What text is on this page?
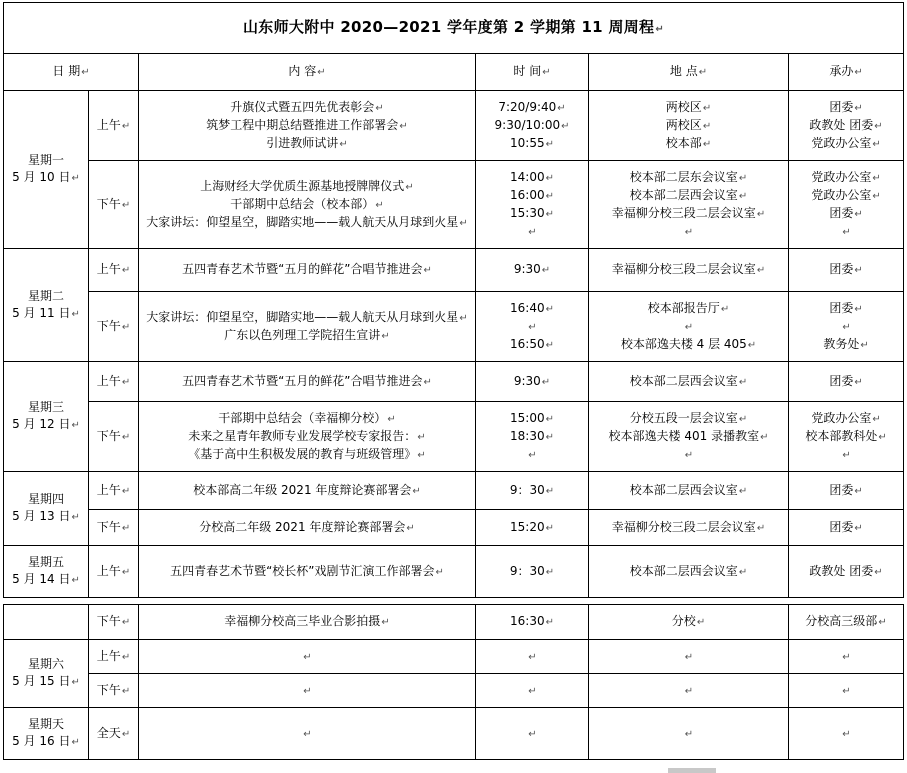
山东师大附中 2020—2021 学年度第 2 学期第 11 周周程 ↵
日 期 ↵		内 容 ↵	时 间 ↵	地 点 ↵	承办 ↵

星期一
5 月 10 日 ↵	上午 ↵	升旗仪式暨五四先优表彰会 ↵
筑梦工程中期总结暨推进工作部署会 ↵
引进教师试讲 ↵	7:20/9:40 ↵
9:30/10:00 ↵
10:55 ↵	两校区 ↵
两校区 ↵
校本部 ↵	团委 ↵
政教处 团委 ↵
党政办公室 ↵

	下午 ↵	上海财经大学优质生源基地授牌牌仪式 ↵
干部期中总结会（校本部） ↵
大家讲坛：仰望星空，脚踏实地——载人航天从月球到火星 ↵	14:00 ↵
16:00 ↵
15:30 ↵
↵	校本部二层东会议室 ↵
校本部二层西会议室 ↵
幸福柳分校三段二层会议室 ↵
↵	党政办公室 ↵
党政办公室 ↵
团委 ↵
↵

星期二
5 月 11 日 ↵	上午 ↵	五四青春艺术节暨“五月的鲜花”合唱节推进会 ↵	9:30 ↵	幸福柳分校三段二层会议室 ↵	团委 ↵
	下午 ↵	大家讲坛：仰望星空，脚踏实地——载人航天从月球到火星 ↵
广东以色列理工学院招生宣讲 ↵	16:40 ↵
↵
16:50 ↵	校本部报告厅 ↵
↵
校本部逸夫楼 4 层 405 ↵	团委 ↵
↵
教务处 ↵

星期三
5 月 12 日 ↵	上午 ↵	五四青春艺术节暨“五月的鲜花”合唱节推进会 ↵	9:30 ↵	校本部二层西会议室 ↵	团委 ↵
	下午 ↵	干部期中总结会（幸福柳分校） ↵
未来之星青年教师专业发展学校专家报告： ↵
《基于高中生积极发展的教育与班级管理》 ↵	15:00 ↵
18:30 ↵
↵	分校五段一层会议室 ↵
校本部逸夫楼 401 录播教室 ↵
↵	党政办公室 ↵
校本部教科处 ↵
↵

星期四
5 月 13 日 ↵	上午 ↵	校本部高二年级 2021 年度辩论赛部署会 ↵	9：30 ↵	校本部二层西会议室 ↵	团委 ↵
	下午 ↵	分校高二年级 2021 年度辩论赛部署会 ↵	15:20 ↵	幸福柳分校三段二层会议室 ↵	团委 ↵

星期五
5 月 14 日 ↵	上午 ↵	五四青春艺术节暨“校长杯”戏剧节汇演工作部署会 ↵	9：30 ↵	校本部二层西会议室 ↵	政教处 团委 ↵
	下午 ↵	幸福柳分校高三毕业合影拍摄 ↵	16:30 ↵	分校 ↵	分校高三级部 ↵

星期六
5 月 15 日 ↵	上午 ↵	↵	↵	↵	↵
	下午 ↵	↵	↵	↵	↵

星期天
5 月 16 日 ↵	全天 ↵	↵	↵	↵	↵
